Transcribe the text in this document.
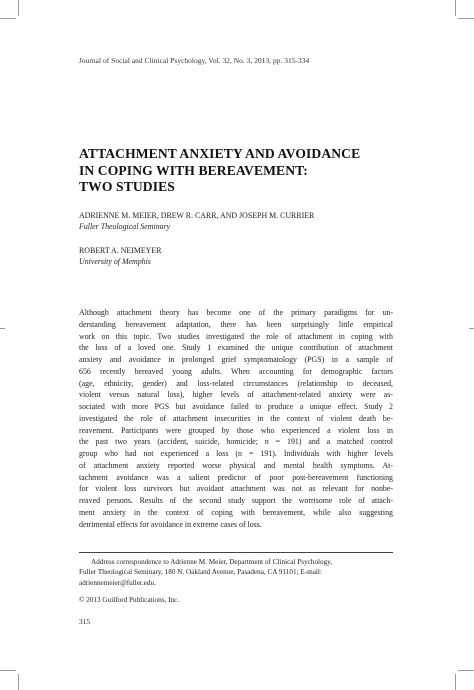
Journal of Social and Clinical Psychology, Vol. 32, No. 3, 2013, pp. 315-334
ATTACHMENT ANXIETY AND AVOIDANCE
IN COPING WITH BEREAVEMENT:
TWO STUDIES
ADRIENNE M. MEIER, DREW R. CARR, AND JOSEPH M. CURRIER
Fuller Theological Seminary
ROBERT A. NEIMEYER
University of Memphis

Although attachment theory has become one of the primary paradigms for un-

derstanding bereavement adaptation, there has been surprisingly little empirical

work on this topic. Two studies investigated the role of attachment in coping with

the loss of a loved one. Study 1 examined the unique contribution of attachment

anxiety and avoidance in prolonged grief symptomatology (PGS) in a sample of

656 recently bereaved young adults. When accounting for demographic factors

(age, ethnicity, gender) and loss-related circumstances (relationship to deceased,

violent versus natural loss), higher levels of attachment-related anxiety were as-

sociated with more PGS but avoidance failed to produce a unique effect. Study 2

investigated the role of attachment insecurities in the context of violent death be-

reavement. Participants were grouped by those who experienced a violent loss in

the past two years (accident, suicide, homicide; n = 191) and a matched control

group who had not experienced a loss (n = 191). Individuals with higher levels

of attachment anxiety reported worse physical and mental health symptoms. At-

tachment avoidance was a salient predictor of poor post-bereavement functioning

for violent loss survivors but avoidant attachment was not as relevant for nonbe-

reaved persons. Results of the second study support the worrisome role of attach-

ment anxiety in the context of coping with bereavement, while also suggesting

detrimental effects for avoidance in extreme cases of loss.

Address correspondence to Adrienne M. Meier, Department of Clinical Psychology,

Fuller Theological Seminary, 180 N. Oakland Avenue, Pasadena, CA 91101; E-mail:

adriennemeier@fuller.edu.

© 2013 Guilford Publications, Inc.
315
